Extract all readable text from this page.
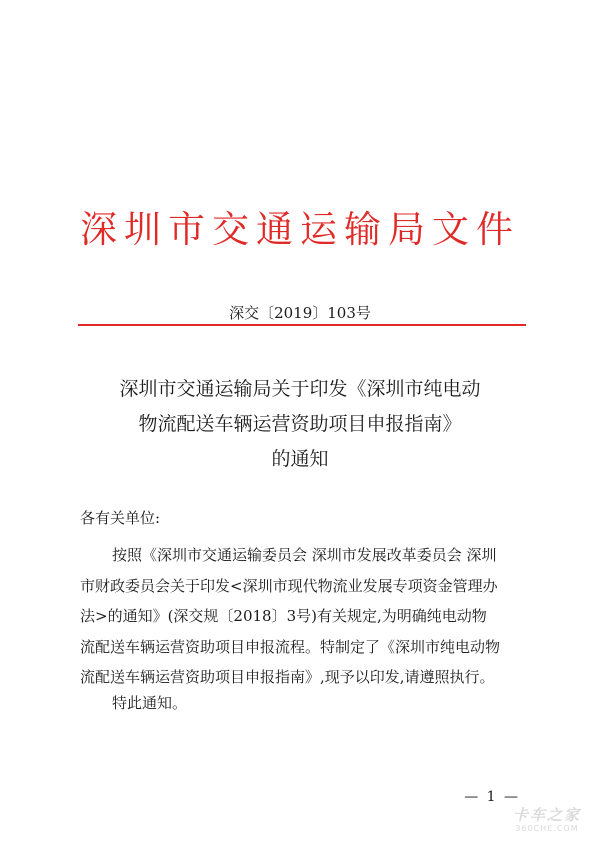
深圳市交通运输局文件
深交〔2019〕103号
深圳市交通运输局关于印发《深圳市纯电动
物流配送车辆运营资助项目申报指南》
的通知
各有关单位:
按照《深圳市交通运输委员会 深圳市发展改革委员会 深圳
市财政委员会关于印发<深圳市现代物流业发展专项资金管理办
法>的通知》(深交规〔2018〕3号)有关规定,为明确纯电动物
流配送车辆运营资助项目申报流程。特制定了《深圳市纯电动物
流配送车辆运营资助项目申报指南》,现予以印发,请遵照执行。
特此通知。
— 1 —
卡车之家
360CHE.COM
